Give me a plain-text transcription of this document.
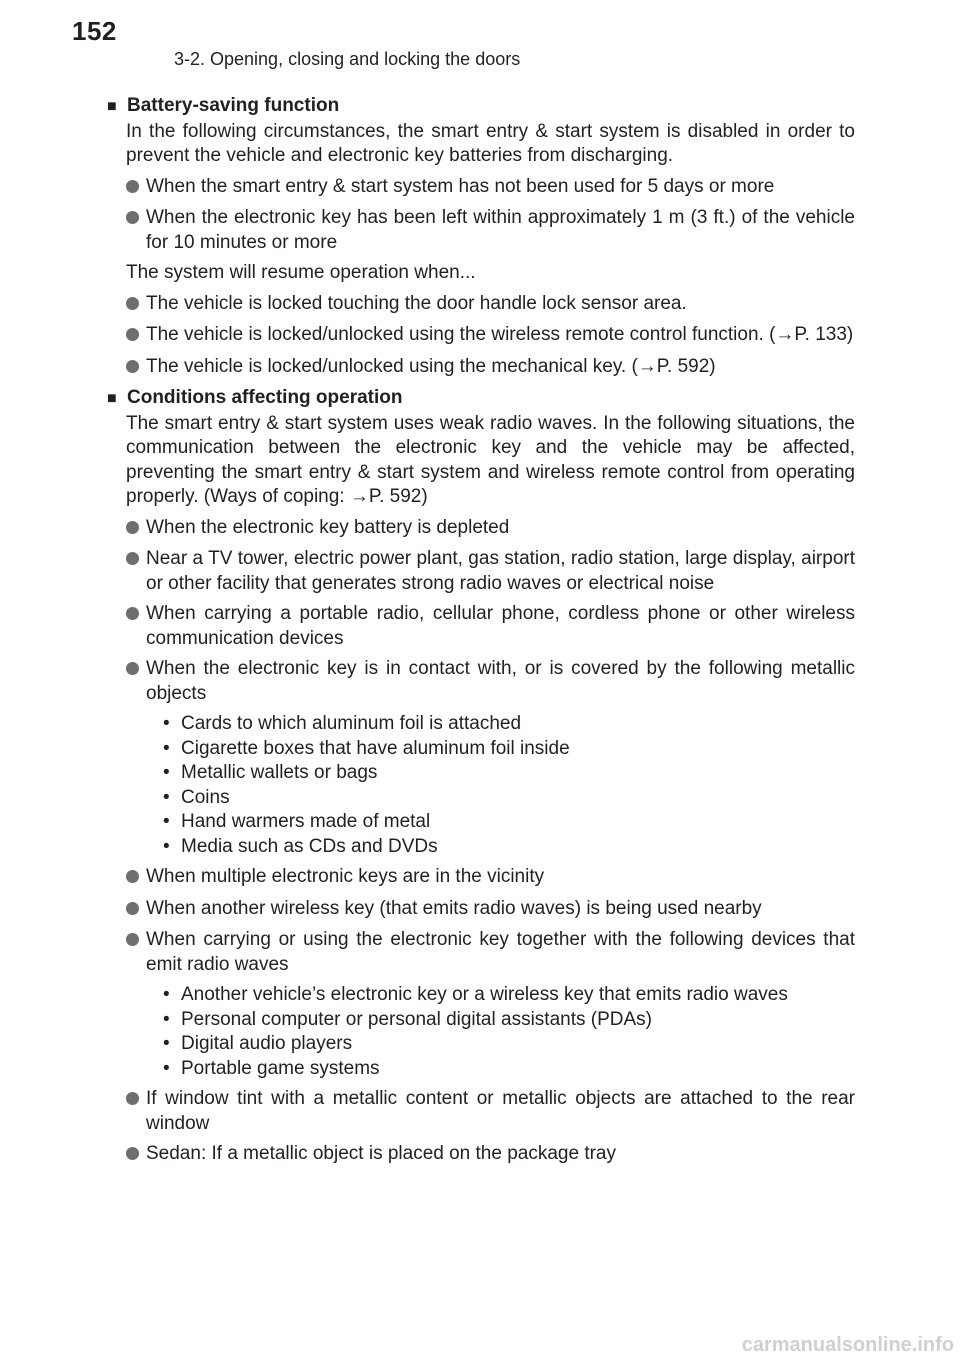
152
3-2. Opening, closing and locking the doors
■ Battery-saving function

In the following circumstances, the smart entry & start system is disabled in order to prevent the vehicle and electronic key batteries from discharging.

When the smart entry & start system has not been used for 5 days or more
When the electronic key has been left within approximately 1 m (3 ft.) of the vehicle for 10 minutes or more

The system will resume operation when...

The vehicle is locked touching the door handle lock sensor area.
The vehicle is locked/unlocked using the wireless remote control function. (→P. 133)
The vehicle is locked/unlocked using the mechanical key. (→P. 592)
■ Conditions affecting operation

The smart entry & start system uses weak radio waves. In the following situations, the communication between the electronic key and the vehicle may be affected, preventing the smart entry & start system and wireless remote control from operating properly. (Ways of coping: →P. 592)

When the electronic key battery is depleted
Near a TV tower, electric power plant, gas station, radio station, large display, airport or other facility that generates strong radio waves or electrical noise
When carrying a portable radio, cellular phone, cordless phone or other wireless communication devices
When the electronic key is in contact with, or is covered by the following metallic objects
• Cards to which aluminum foil is attached
• Cigarette boxes that have aluminum foil inside
• Metallic wallets or bags
• Coins
• Hand warmers made of metal
• Media such as CDs and DVDs
When multiple electronic keys are in the vicinity
When another wireless key (that emits radio waves) is being used nearby
When carrying or using the electronic key together with the following devices that emit radio waves
• Another vehicle’s electronic key or a wireless key that emits radio waves
• Personal computer or personal digital assistants (PDAs)
• Digital audio players
• Portable game systems
If window tint with a metallic content or metallic objects are attached to the rear window
Sedan: If a metallic object is placed on the package tray
carmanualsonline.info
